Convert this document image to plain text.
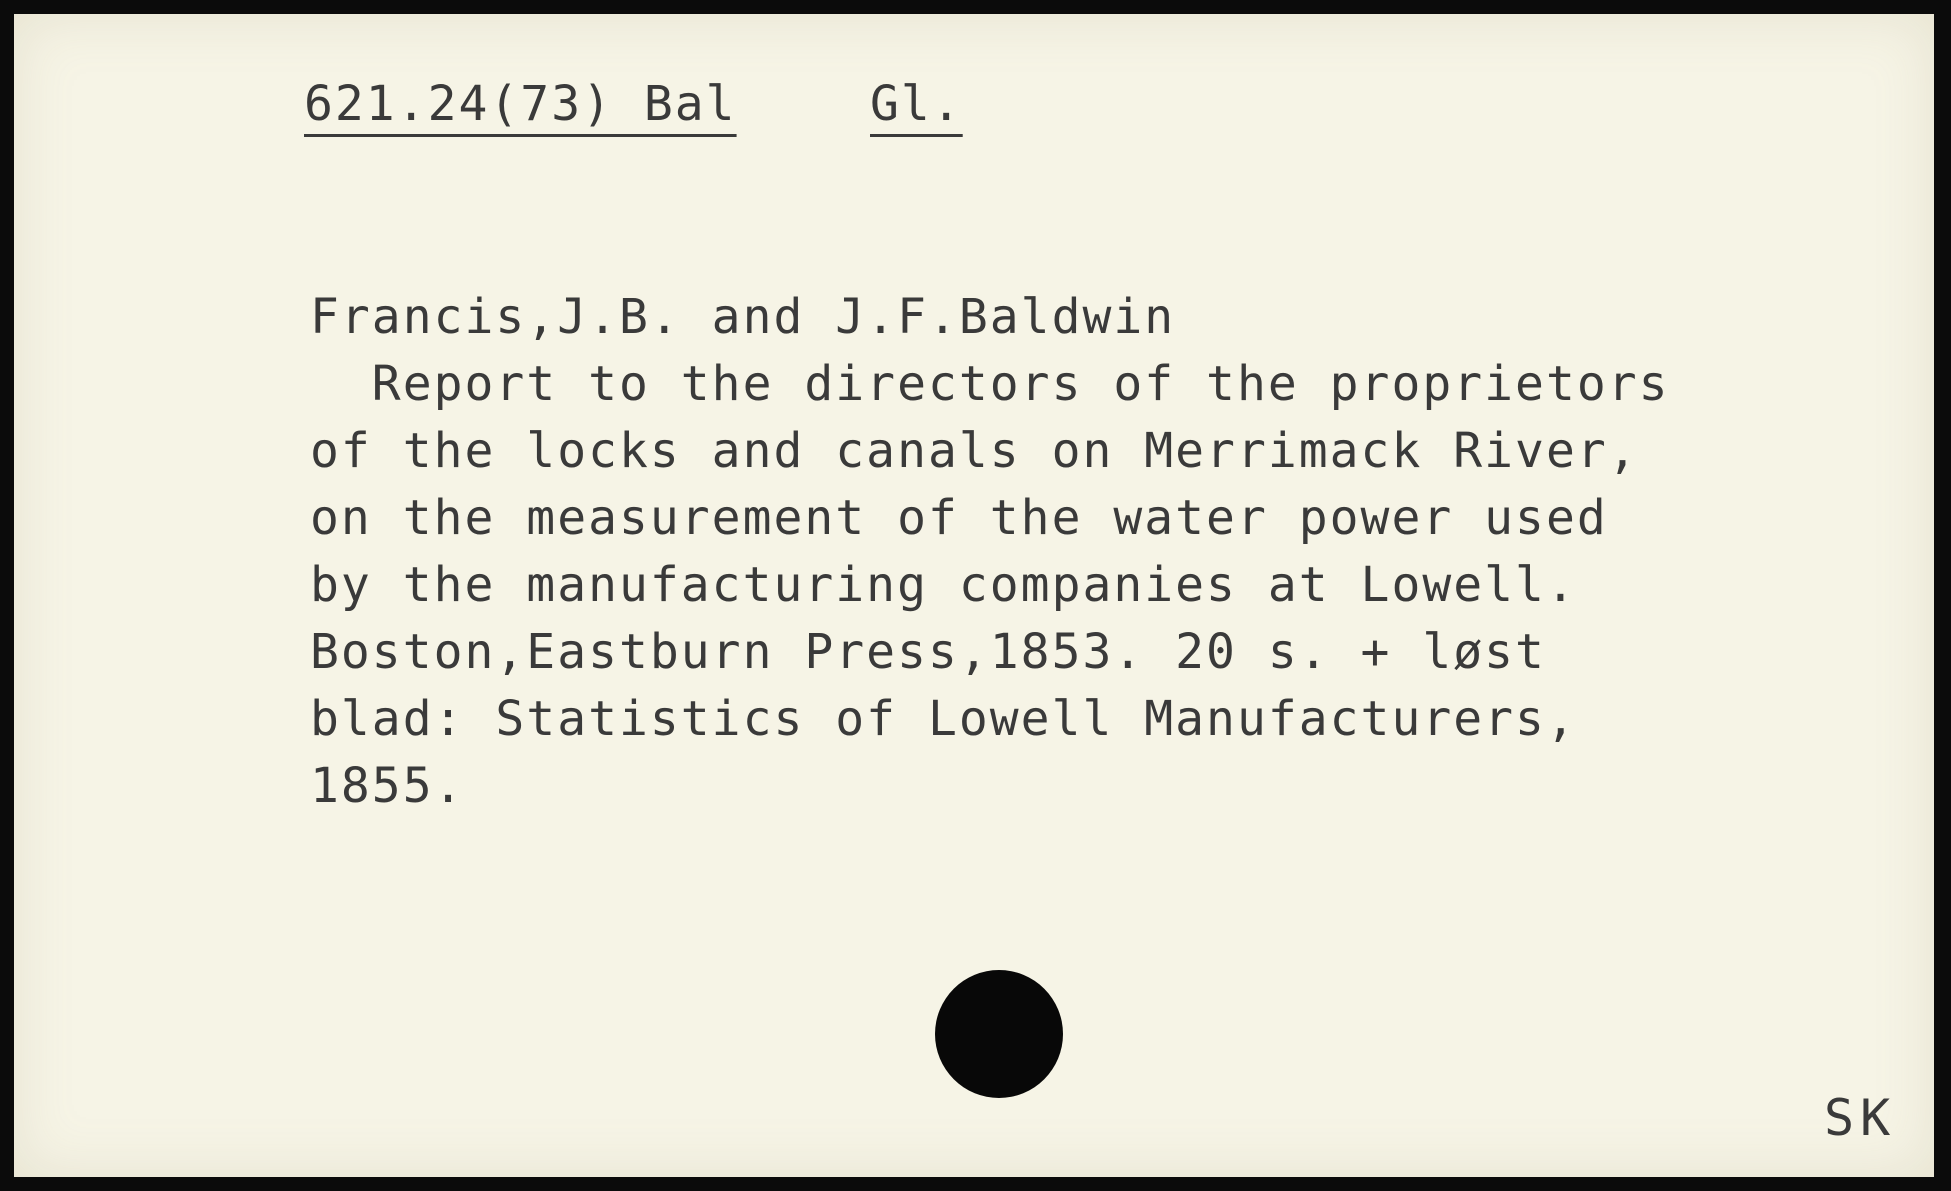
621.24(73) Bal	Gl.
Francis,J.B. and J.F.Baldwin
Report to the directors of the proprietors
of the locks and canals on Merrimack River,
on the measurement of the water power used
by the manufacturing companies at Lowell.
Boston,Eastburn Press,1853. 20 s. + løst
blad: Statistics of Lowell Manufacturers,
1855.
SK
